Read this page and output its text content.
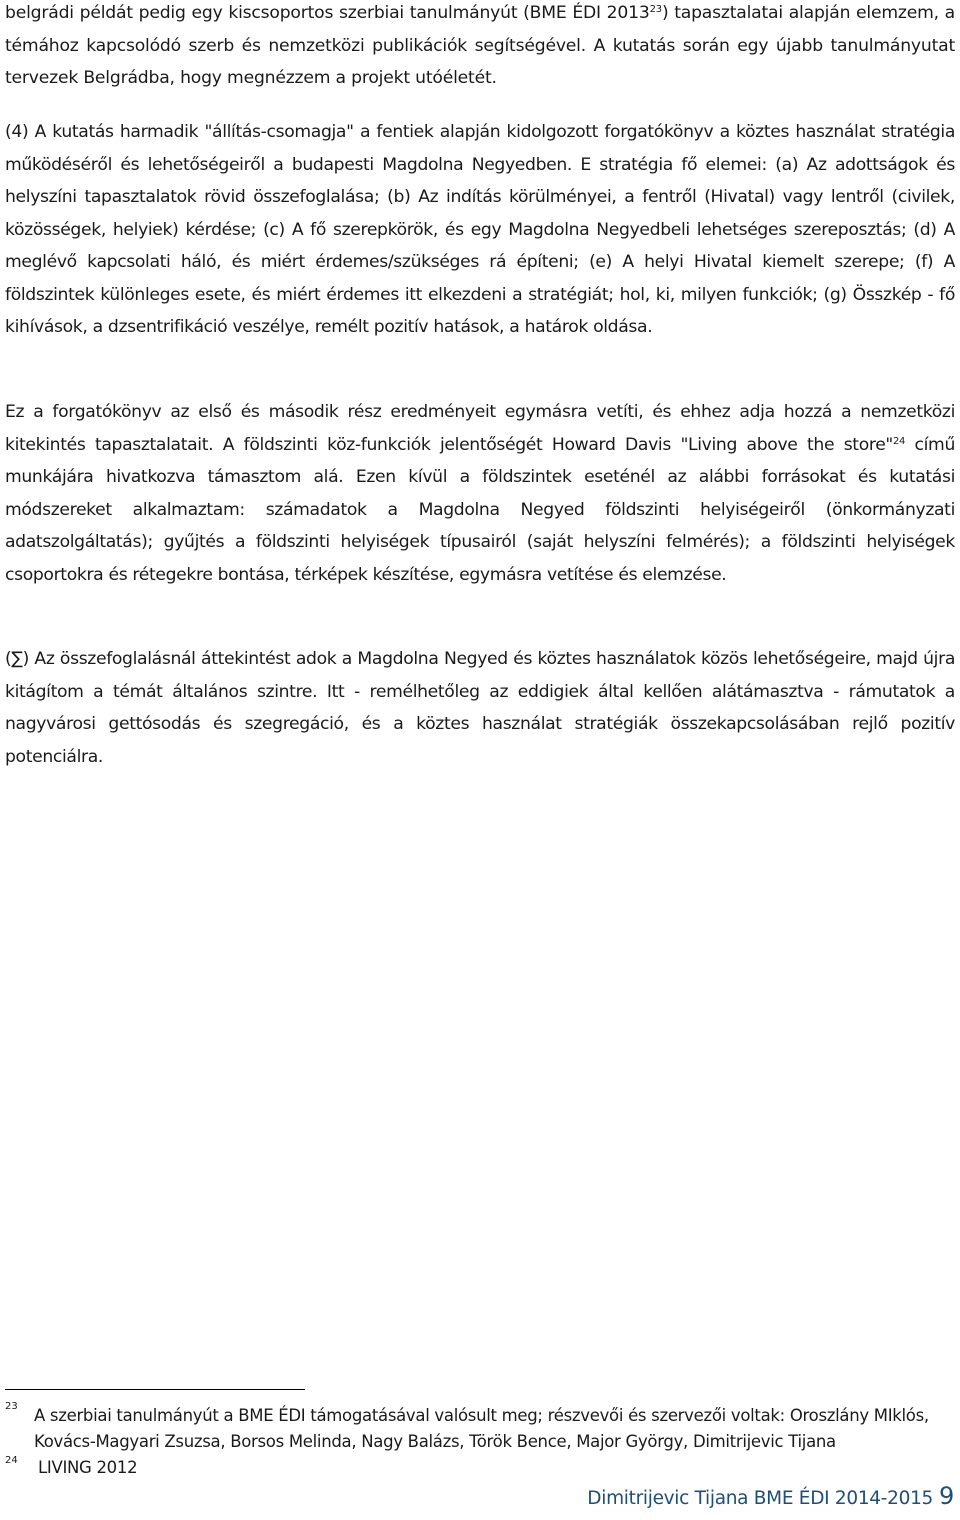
belgrádi példát pedig egy kiscsoportos szerbiai tanulmányút (BME ÉDI 2013$^{23}$) tapasztalatai alapján elemzem, a témához kapcsolódó szerb és nemzetközi publikációk segítségével. A kutatás során egy újabb tanulmányutat tervezek Belgrádba, hogy megnézzem a projekt utóéletét.

(4) A kutatás harmadik "állítás-csomagja" a fentiek alapján kidolgozott forgatókönyv a köztes használat stratégia működéséről és lehetőségeiről a budapesti Magdolna Negyedben. E stratégia fő elemei: (a) Az adottságok és helyszíni tapasztalatok rövid összefoglalása; (b) Az indítás körülményei, a fentről (Hivatal) vagy lentről (civilek, közösségek, helyiek) kérdése; (c) A fő szerepkörök, és egy Magdolna Negyedbeli lehetséges szereposztás; (d) A meglévő kapcsolati háló, és miért érdemes/szükséges rá építeni; (e) A helyi Hivatal kiemelt szerepe; (f) A földszintek különleges esete, és miért érdemes itt elkezdeni a stratégiát; hol, ki, milyen funkciók; (g) Összkép - fő kihívások, a dzsentrifikáció veszélye, remélt pozitív hatások, a határok oldása.

Ez a forgatókönyv az első és második rész eredményeit egymásra vetíti, és ehhez adja hozzá a nemzetközi kitekintés tapasztalatait. A földszinti köz-funkciók jelentőségét Howard Davis "Living above the store"$^{24}$ című munkájára hivatkozva támasztom alá. Ezen kívül a földszintek eseténél az alábbi forrásokat és kutatási módszereket alkalmaztam: számadatok a Magdolna Negyed földszinti helyiségeiről (önkormányzati adatszolgáltatás); gyűjtés a földszinti helyiségek típusairól (saját helyszíni felmérés); a földszinti helyiségek csoportokra és rétegekre bontása, térképek készítése, egymásra vetítése és elemzése.

(∑) Az összefoglalásnál áttekintést adok a Magdolna Negyed és köztes használatok közös lehetőségeire, majd újra kitágítom a témát általános szintre. Itt - remélhetőleg az eddigiek által kellően alátámasztva - rámutatok a nagyvárosi gettósodás és szegregáció, és a köztes használat stratégiák összekapcsolásában rejlő pozitív potenciálra.

23 A szerbiai tanulmányút a BME ÉDI támogatásával valósult meg; részvevői és szervezői voltak: Oroszlány MIklós, Kovács-Magyari Zsuzsa, Borsos Melinda, Nagy Balázs, Török Bence, Major György, Dimitrijevic Tijana
24 LIVING 2012
Dimitrijevic Tijana BME ÉDI 2014-2015 9
